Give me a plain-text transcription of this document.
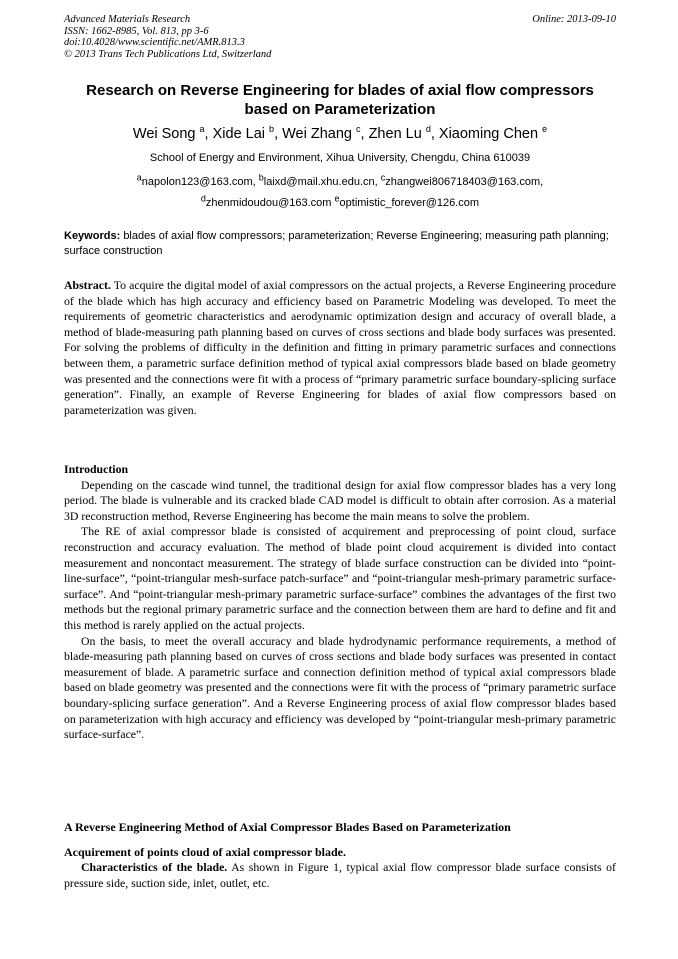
Advanced Materials Research
ISSN: 1662-8985, Vol. 813, pp 3-6
doi:10.4028/www.scientific.net/AMR.813.3
© 2013 Trans Tech Publications Ltd, Switzerland
Online: 2013-09-10
Research on Reverse Engineering for blades of axial flow compressors
based on Parameterization
Wei Song $^a$, Xide Lai $^b$, Wei Zhang $^c$, Zhen Lu $^d$, Xiaoming Chen $^e$
School of Energy and Environment, Xihua University, Chengdu, China 610039
$^a$napolon123@163.com, $^b$laixd@mail.xhu.edu.cn, $^c$zhangwei806718403@163.com,
$^d$zhenmidoudou@163.com $^e$optimistic_forever@126.com
Keywords: blades of axial flow compressors; parameterization; Reverse Engineering; measuring path planning; surface construction

Abstract. To acquire the digital model of axial compressors on the actual projects, a Reverse Engineering procedure of the blade which has high accuracy and efficiency based on Parametric Modeling was developed. To meet the requirements of geometric characteristics and aerodynamic optimization design and accuracy of overall blade, a method of blade-measuring path planning based on curves of cross sections and blade body surfaces was presented. For solving the problems of difficulty in the definition and fitting in primary parametric surfaces and connections between them, a parametric surface definition method of typical axial compressors blade based on blade geometry was presented and the connections were fit with a process of “primary parametric surface boundary-splicing surface generation”. Finally, an example of Reverse Engineering for blades of axial flow compressors based on parameterization was given.

Introduction

Depending on the cascade wind tunnel, the traditional design for axial flow compressor blades has a very long period. The blade is vulnerable and its cracked blade CAD model is difficult to obtain after corrosion. As a material 3D reconstruction method, Reverse Engineering has become the main means to solve the problem.

The RE of axial compressor blade is consisted of acquirement and preprocessing of point cloud, surface reconstruction and accuracy evaluation. The method of blade point cloud acquirement is divided into contact measurement and noncontact measurement. The strategy of blade surface construction can be divided into “point-line-surface”, “point-triangular mesh-surface patch-surface” and “point-triangular mesh-primary parametric surface-surface”. And “point-triangular mesh-primary parametric surface-surface” combines the advantages of the first two methods but the regional primary parametric surface and the connection between them are hard to define and fit and this method is rarely applied on the actual projects.

On the basis, to meet the overall accuracy and blade hydrodynamic performance requirements, a method of blade-measuring path planning based on curves of cross sections and blade body surfaces was presented in contact measurement of blade. A parametric surface and connection definition method of typical axial compressors blade based on blade geometry was presented and the connections were fit with the process of “primary parametric surface boundary-splicing surface generation”. And a Reverse Engineering process of axial flow compressor blades based on parameterization with high accuracy and efficiency was developed by “point-triangular mesh-primary parametric surface-surface”.

A Reverse Engineering Method of Axial Compressor Blades Based on Parameterization
Acquirement of points cloud of axial compressor blade.

Characteristics of the blade. As shown in Figure 1, typical axial flow compressor blade surface consists of pressure side, suction side, inlet, outlet, etc.
